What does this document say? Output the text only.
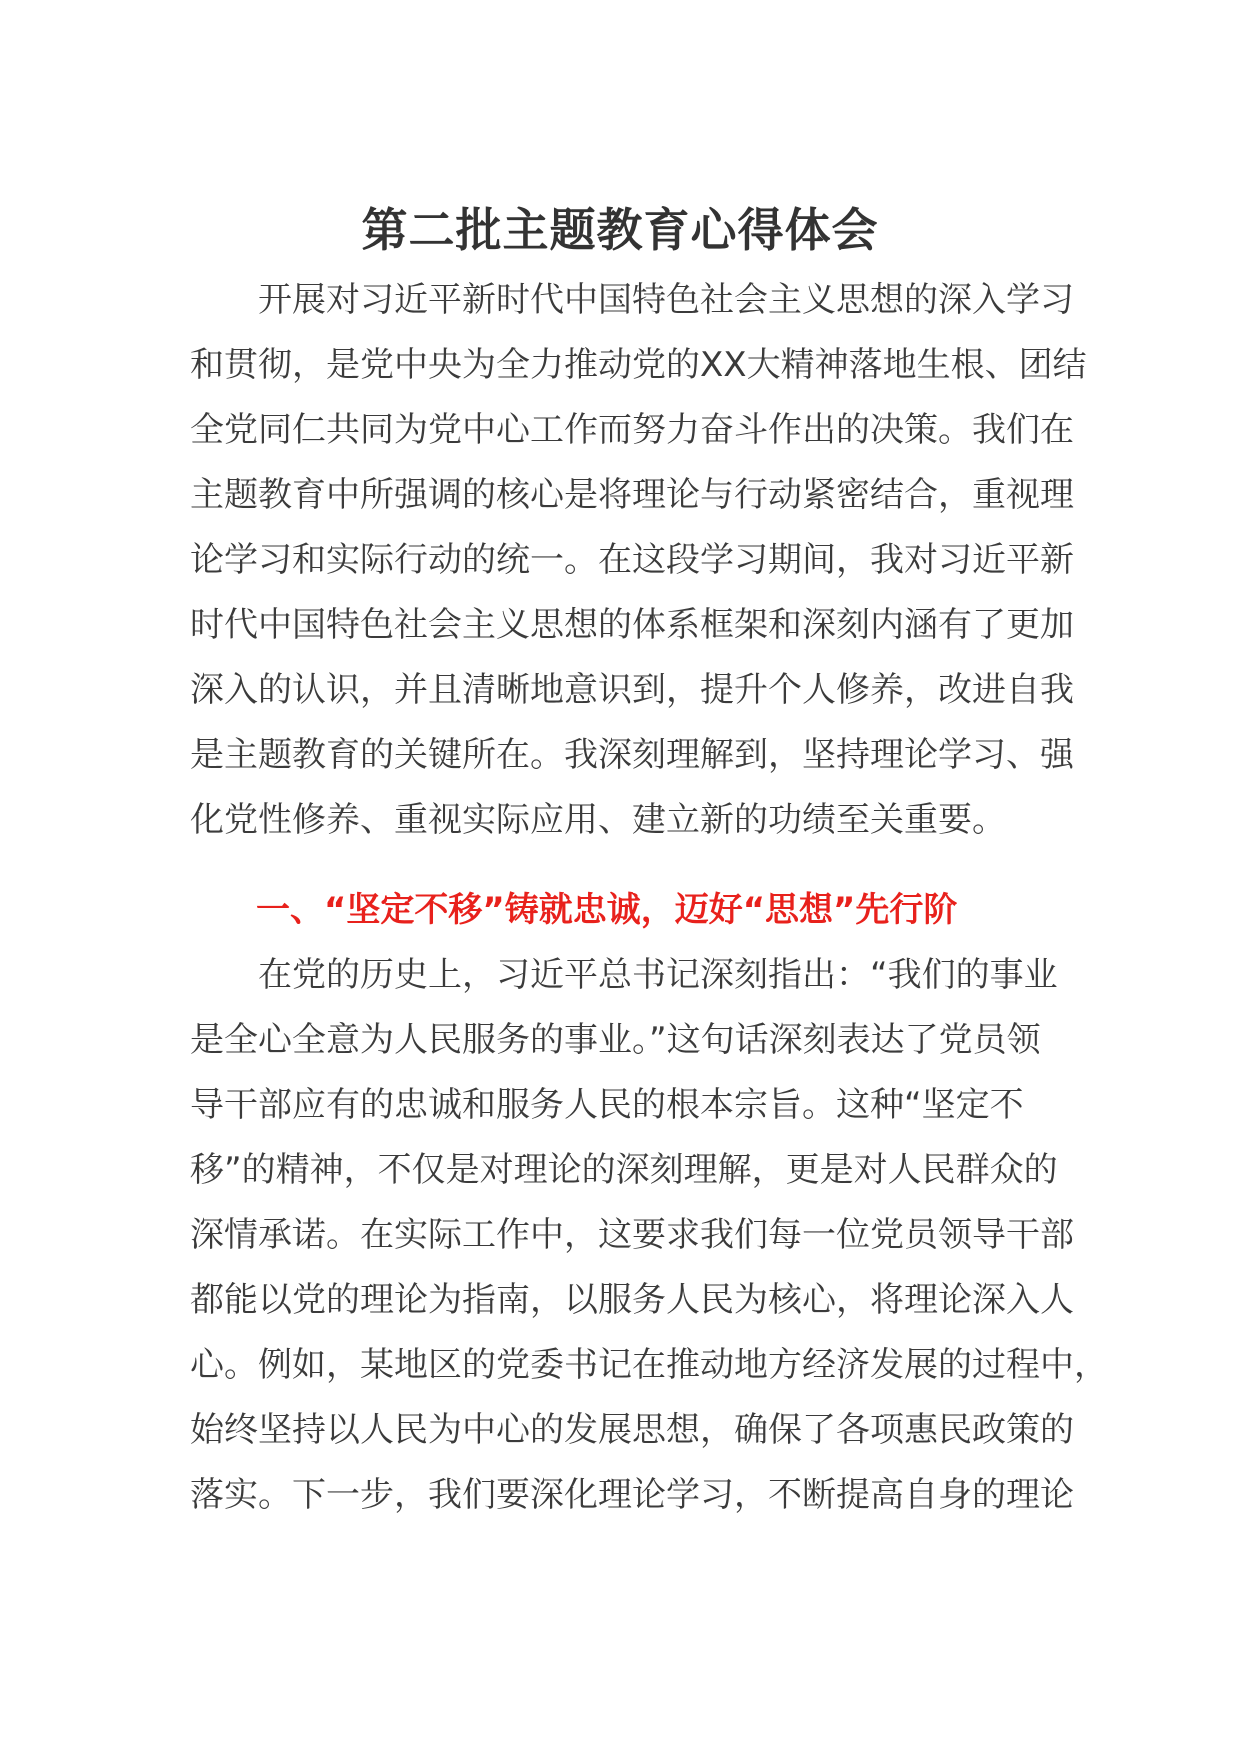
第二批主题教育心得体会
开展对习近平新时代中国特色社会主义思想的深入学习
和贯彻，是党中央为全力推动党的XX大精神落地生根、团结
全党同仁共同为党中心工作而努力奋斗作出的决策。我们在
主题教育中所强调的核心是将理论与行动紧密结合，重视理
论学习和实际行动的统一。在这段学习期间，我对习近平新
时代中国特色社会主义思想的体系框架和深刻内涵有了更加
深入的认识，并且清晰地意识到，提升个人修养，改进自我
是主题教育的关键所在。我深刻理解到，坚持理论学习、强
化党性修养、重视实际应用、建立新的功绩至关重要。
一、“坚定不移”铸就忠诚，迈好“思想”先行阶
在党的历史上，习近平总书记深刻指出：“我们的事业
是全心全意为人民服务的事业。”这句话深刻表达了党员领
导干部应有的忠诚和服务人民的根本宗旨。这种“坚定不
移”的精神，不仅是对理论的深刻理解，更是对人民群众的
深情承诺。在实际工作中，这要求我们每一位党员领导干部
都能以党的理论为指南，以服务人民为核心，将理论深入人
心。例如，某地区的党委书记在推动地方经济发展的过程中，
始终坚持以人民为中心的发展思想，确保了各项惠民政策的
落实。下一步，我们要深化理论学习，不断提高自身的理论
